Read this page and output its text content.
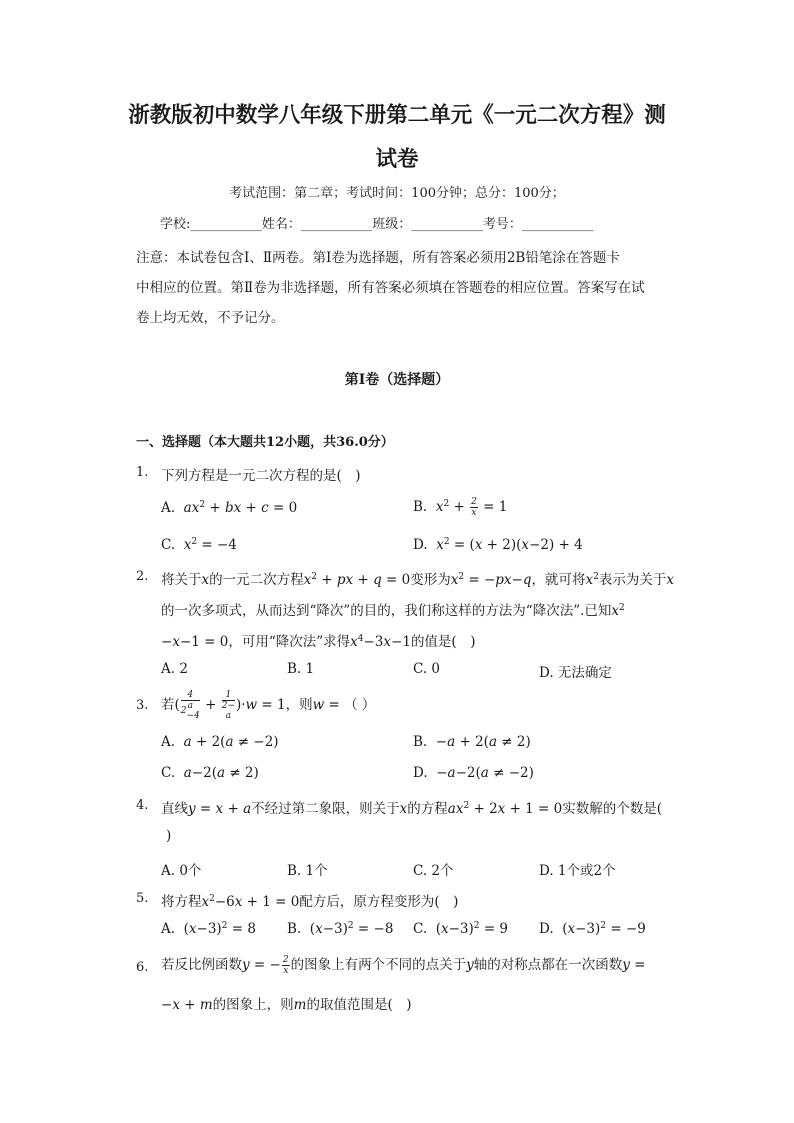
浙教版初中数学八年级下册第二单元《一元二次方程》测
试卷
考试范围：第二章；考试时间：100分钟；总分：100分；
学校:___________姓名：___________班级：___________考号：___________
注意：本试卷包含Ⅰ、Ⅱ两卷。第Ⅰ卷为选择题，所有答案必须用2B铅笔涂在答题卡
中相应的位置。第Ⅱ卷为非选择题，所有答案必须填在答题卷的相应位置。答案写在试
卷上均无效，不予记分。
第Ⅰ卷（选择题）
一、选择题（本大题共12小题，共36.0分）
1. 下列方程是一元二次方程的是(　)
A. $ax^2$ + bx + c = 0	B. $x^2 + \frac{2}{x} = 1$
C. $x^2 = -4$	D. $x^2 = (x + 2)(x-2) + 4$
2. 将关于x的一元二次方程$x^2$ + px + q = 0变形为$x^2 = -px-q$，就可将$x^2$表示为关于x
的一次多项式，从而达到“降次”的目的，我们称这样的方法为“降次法”.已知$x^2$
−x−1 = 0，可用“降次法”求得$x^4-3x-1$的值是(　)
A. 2	B. 1	C. 0	D. 无法确定
3. 若( 4
a
$^2$−4 + 1
2−
a )·w = 1，则w = （ ）
A. a + 2(a ≠ −2)	B.  −a + 2(a ≠ 2)
C. a−2(a ≠ 2)	D.  −a−2(a ≠ −2)
4. 直线y = x + a不经过第二象限，则关于x的方程$ax^2 + 2x + 1 = 0$实数解的个数是(
)
A. 0个	B. 1个	C. 2个	D. 1个或2个
5. 将方程$x^2-6x + 1 = 0$配方后，原方程变形为(　)
A.  $(x-3)^2 = 8$ B.  $(x-3)^2 = -8$ C.  $(x-3)^2 = 9$ D.  $(x-3)^2 = -9$
6. 若反比例函数y = − $\frac{2}{x}$ 的图象上有两个不同的点关于y轴的对称点都在一次函数y =
−x + m的图象上，则m的取值范围是(　)
